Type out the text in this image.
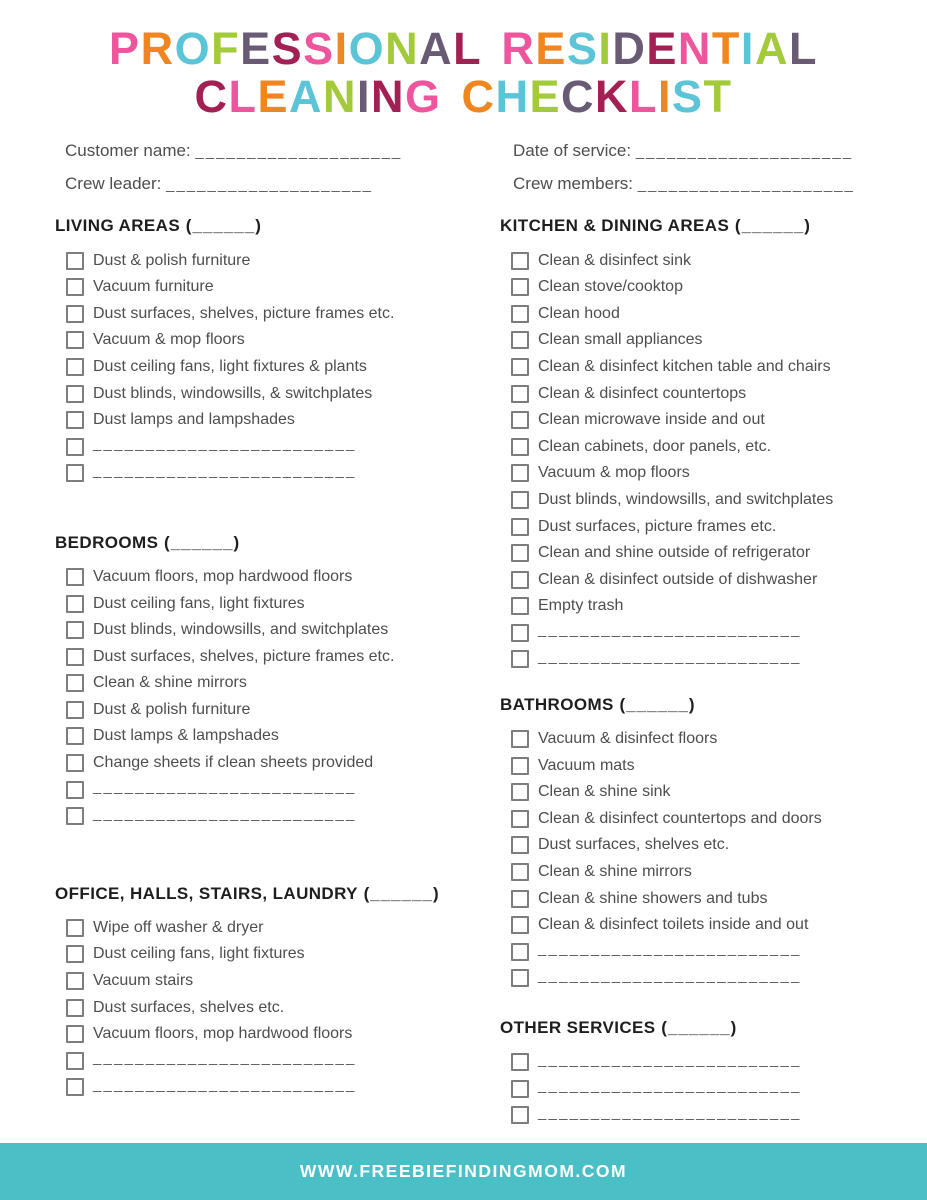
PROFESSIONAL RESIDENTIAL
CLEANING CHECKLIST
Customer name: ____________________	Date of service: _____________________
Crew leader: ____________________	Crew members: _____________________
LIVING AREAS (______)
Dust & polish furniture
Vacuum furniture
Dust surfaces, shelves, picture frames etc.
Vacuum & mop floors
Dust ceiling fans, light fixtures & plants
Dust blinds, windowsills, & switchplates
Dust lamps and lampshades
_________________________
_________________________
BEDROOMS (______)
Vacuum floors, mop hardwood floors
Dust ceiling fans, light fixtures
Dust blinds, windowsills, and switchplates
Dust surfaces, shelves, picture frames etc.
Clean & shine mirrors
Dust & polish furniture
Dust lamps & lampshades
Change sheets if clean sheets provided
_________________________
_________________________
OFFICE, HALLS, STAIRS, LAUNDRY (______)
Wipe off washer & dryer
Dust ceiling fans, light fixtures
Vacuum stairs
Dust surfaces, shelves etc.
Vacuum floors, mop hardwood floors
_________________________
_________________________
KITCHEN & DINING AREAS (______)
Clean & disinfect sink
Clean stove/cooktop
Clean hood
Clean small appliances
Clean & disinfect kitchen table and chairs
Clean & disinfect countertops
Clean microwave inside and out
Clean cabinets, door panels, etc.
Vacuum & mop floors
Dust blinds, windowsills, and switchplates
Dust surfaces, picture frames etc.
Clean and shine outside of refrigerator
Clean & disinfect outside of dishwasher
Empty trash
_________________________
_________________________
BATHROOMS (______)
Vacuum & disinfect floors
Vacuum mats
Clean & shine sink
Clean & disinfect countertops and doors
Dust surfaces, shelves etc.
Clean & shine mirrors
Clean & shine showers and tubs
Clean & disinfect toilets inside and out
_________________________
_________________________
OTHER SERVICES (______)
_________________________
_________________________
_________________________
WWW.FREEBIEFINDINGMOM.COM
